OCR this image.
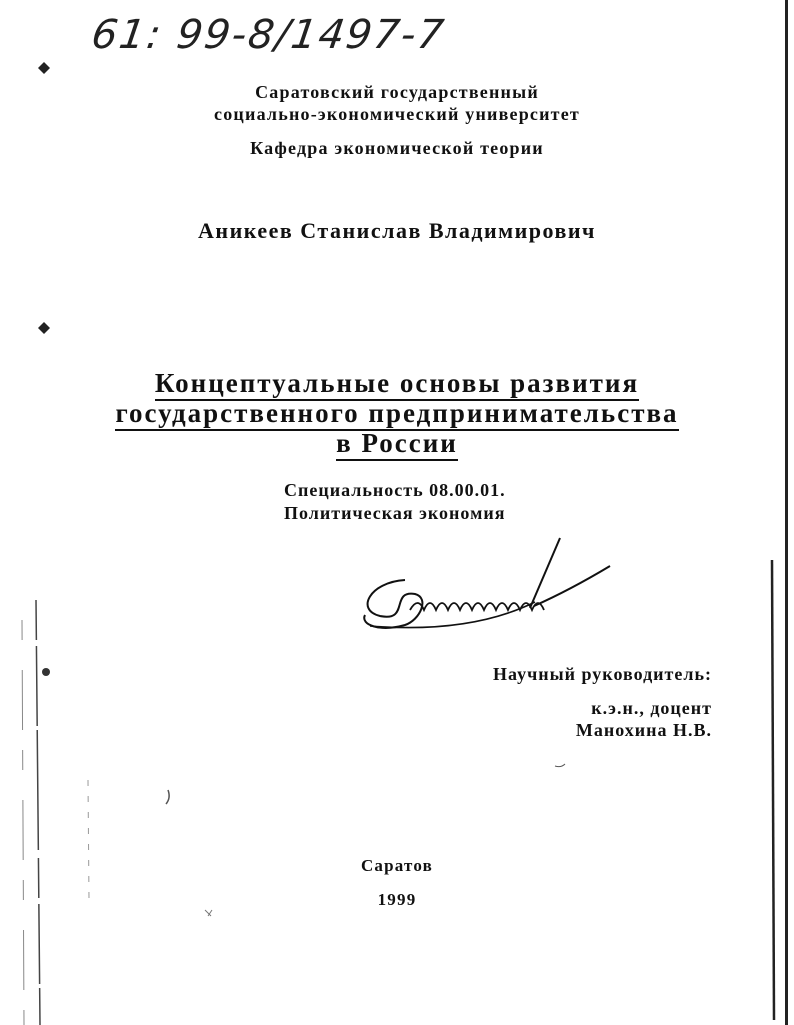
61: 99-8/1497-7
Саратовский государственный
социально-экономический университет
Кафедра экономической теории
Аникеев Станислав Владимирович
Концептуальные основы развития
государственного предпринимательства
в России
Специальность 08.00.01.
Политическая экономия
Научный руководитель:
к.э.н., доцент
Манохина Н.В.
Саратов
1999
